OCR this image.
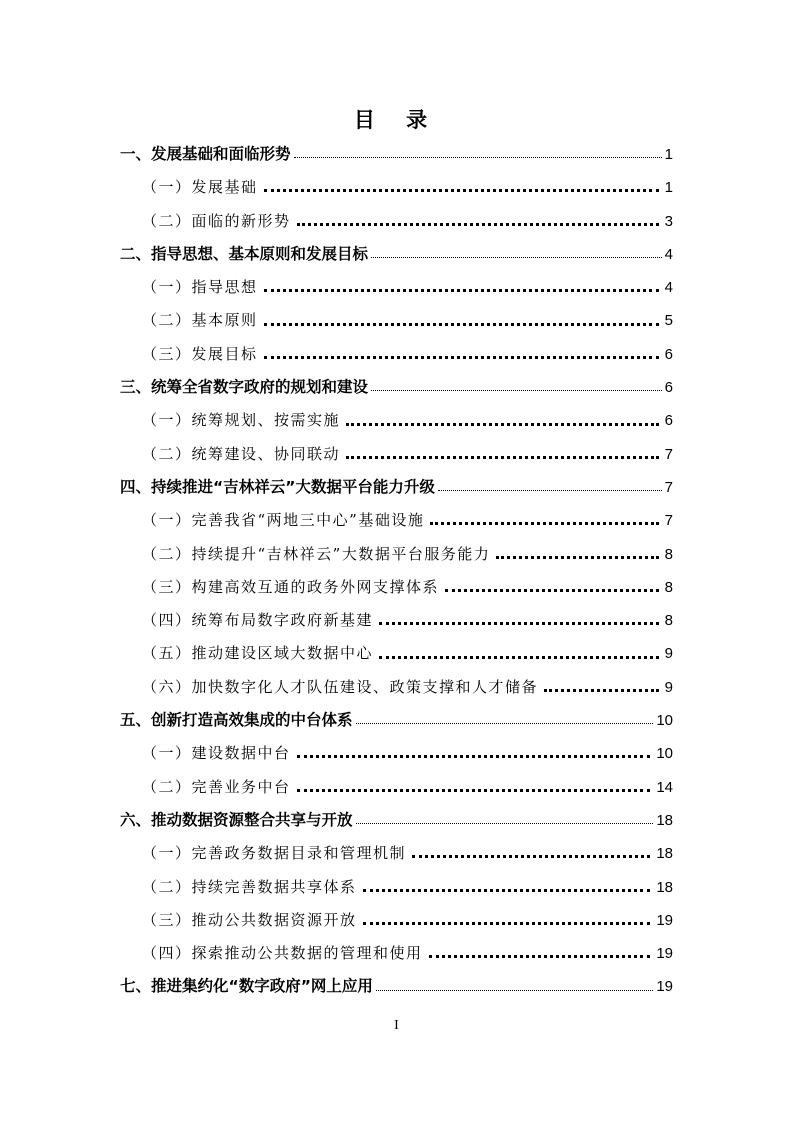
目 录
一、发展基础和面临形势	1
（一）发展基础	1
（二）面临的新形势	3
二、指导思想、基本原则和发展目标	4
（一）指导思想	4
（二）基本原则	5
（三）发展目标	6
三、统筹全省数字政府的规划和建设	6
（一）统筹规划、按需实施	6
（二）统筹建设、协同联动	7
四、持续推进“吉林祥云”大数据平台能力升级	7
（一）完善我省“两地三中心”基础设施	7
（二）持续提升“吉林祥云”大数据平台服务能力	8
（三）构建高效互通的政务外网支撑体系	8
（四）统筹布局数字政府新基建	8
（五）推动建设区域大数据中心	9
（六）加快数字化人才队伍建设、政策支撑和人才储备	9
五、创新打造高效集成的中台体系	10
（一）建设数据中台	10
（二）完善业务中台	14
六、推动数据资源整合共享与开放	18
（一）完善政务数据目录和管理机制	18
（二）持续完善数据共享体系	18
（三）推动公共数据资源开放	19
（四）探索推动公共数据的管理和使用	19
七、推进集约化“数字政府”网上应用	19
I
